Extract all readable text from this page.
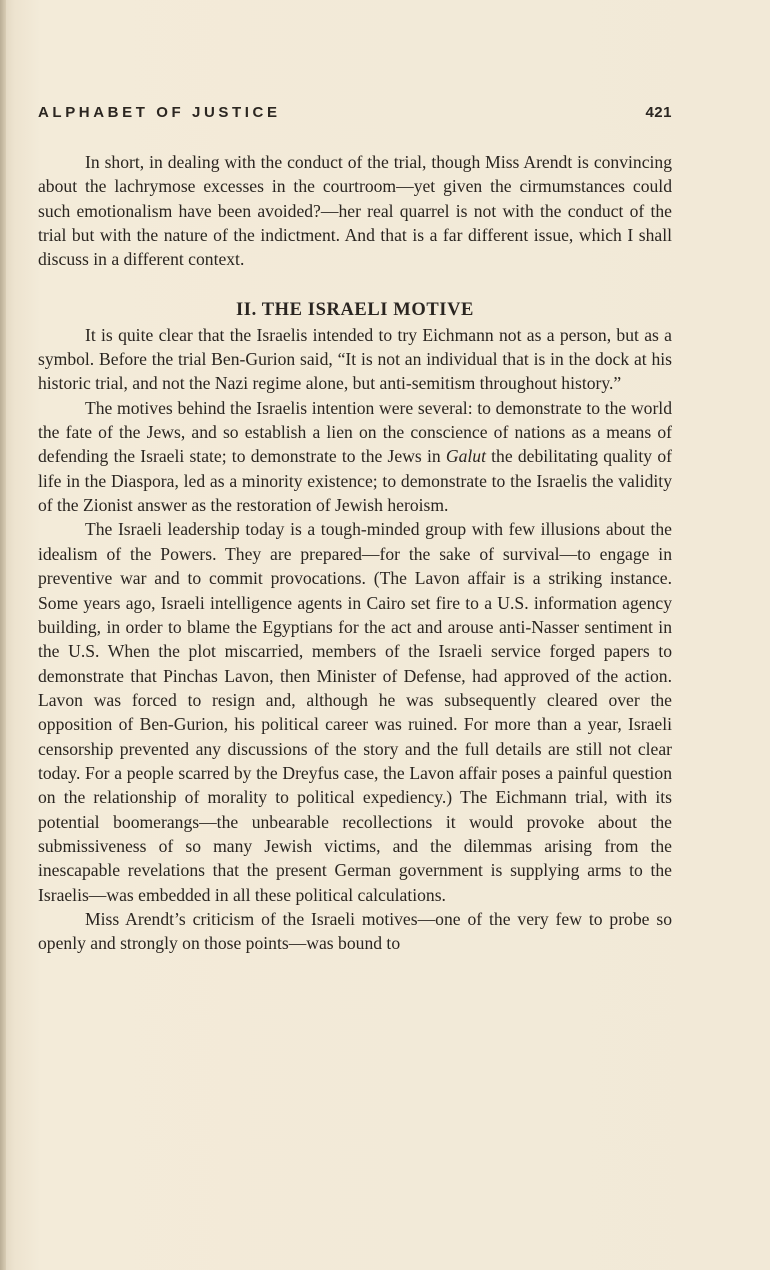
ALPHABET OF JUSTICE	421

In short, in dealing with the conduct of the trial, though Miss Arendt is convincing about the lachrymose excesses in the courtroom—yet given the cirmumstances could such emotionalism have been avoided?—her real quarrel is not with the conduct of the trial but with the nature of the indictment. And that is a far different issue, which I shall discuss in a different context.

II. THE ISRAELI MOTIVE

It is quite clear that the Israelis intended to try Eichmann not as a person, but as a symbol. Before the trial Ben-Gurion said, “It is not an individual that is in the dock at his historic trial, and not the Nazi regime alone, but anti-semitism throughout history.”

The motives behind the Israelis intention were several: to demonstrate to the world the fate of the Jews, and so establish a lien on the conscience of nations as a means of defending the Israeli state; to demonstrate to the Jews in Galut the debilitating quality of life in the Diaspora, led as a minority existence; to demonstrate to the Israelis the validity of the Zionist answer as the restoration of Jewish heroism.

The Israeli leadership today is a tough-minded group with few illusions about the idealism of the Powers. They are prepared—for the sake of survival—to engage in preventive war and to commit provocations. (The Lavon affair is a striking instance. Some years ago, Israeli intelligence agents in Cairo set fire to a U.S. information agency building, in order to blame the Egyptians for the act and arouse anti-Nasser sentiment in the U.S. When the plot miscarried, members of the Israeli service forged papers to demonstrate that Pinchas Lavon, then Minister of Defense, had approved of the action. Lavon was forced to resign and, although he was subsequently cleared over the opposition of Ben-Gurion, his political career was ruined. For more than a year, Israeli censorship prevented any discussions of the story and the full details are still not clear today. For a people scarred by the Dreyfus case, the Lavon affair poses a painful question on the relationship of morality to political expediency.) The Eichmann trial, with its potential boomerangs—the unbearable recollections it would provoke about the submissiveness of so many Jewish victims, and the dilemmas arising from the inescapable revelations that the present German government is supplying arms to the Israelis—was embedded in all these political calculations.

Miss Arendt’s criticism of the Israeli motives—one of the very few to probe so openly and strongly on those points—was bound to
